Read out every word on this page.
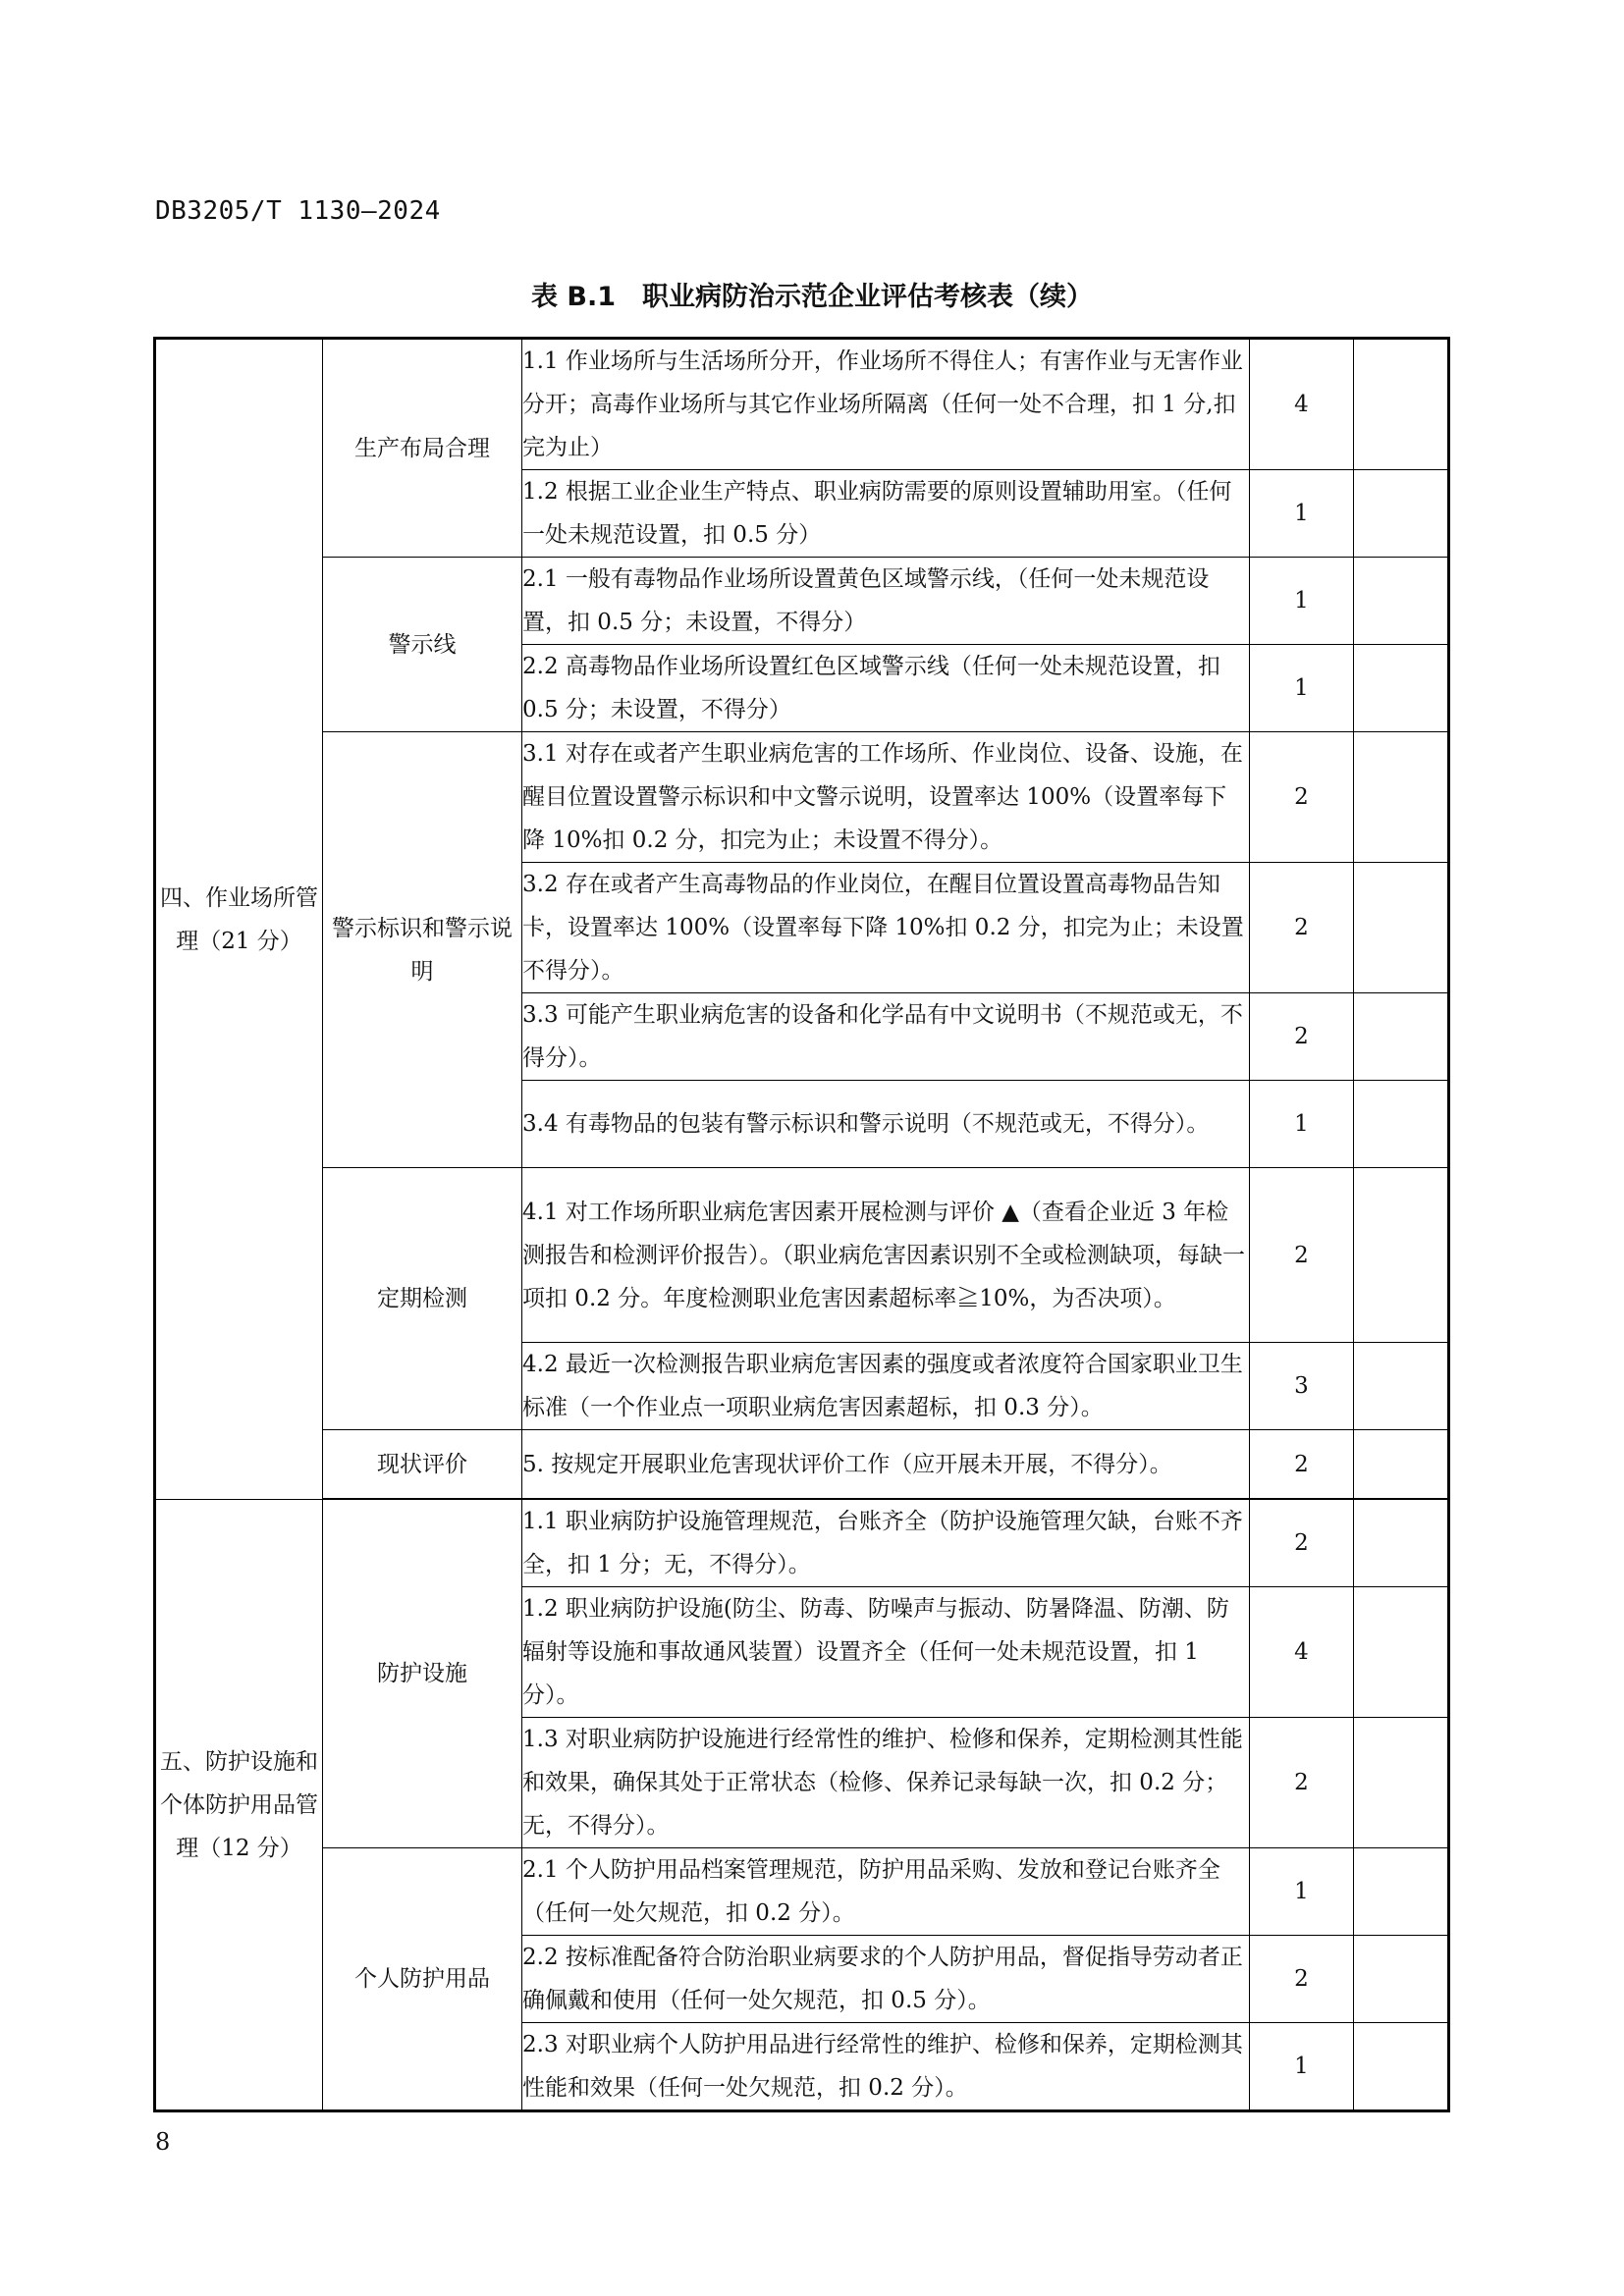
DB3205/T 1130—2024
表 B.1　职业病防治示范企业评估考核表（续）
四、作业场所管理（21 分）	生产布局合理	1.1 作业场所与生活场所分开，作业场所不得住人；有害作业与无害作业分开；高毒作业场所与其它作业场所隔离（任何一处不合理，扣 1 分,扣完为止）	4	
		1.2 根据工业企业生产特点、职业病防需要的原则设置辅助用室。（任何一处未规范设置，扣 0.5 分）	1	
	警示线	2.1 一般有毒物品作业场所设置黄色区域警示线，（任何一处未规范设置，扣 0.5 分；未设置，不得分）	1	
		2.2 高毒物品作业场所设置红色区域警示线（任何一处未规范设置，扣 0.5 分；未设置，不得分）	1	
	警示标识和警示说明	3.1 对存在或者产生职业病危害的工作场所、作业岗位、设备、设施，在醒目位置设置警示标识和中文警示说明，设置率达 100%（设置率每下降 10%扣 0.2 分，扣完为止；未设置不得分）。	2	
		3.2 存在或者产生高毒物品的作业岗位，在醒目位置设置高毒物品告知卡，设置率达 100%（设置率每下降 10%扣 0.2 分，扣完为止；未设置不得分）。	2	
		3.3 可能产生职业病危害的设备和化学品有中文说明书（不规范或无，不得分）。	2	
		3.4 有毒物品的包装有警示标识和警示说明（不规范或无，不得分）。	1	
	定期检测	4.1 对工作场所职业病危害因素开展检测与评价 ▲（查看企业近 3 年检测报告和检测评价报告）。（职业病危害因素识别不全或检测缺项，每缺一项扣 0.2 分。年度检测职业危害因素超标率≧10%，为否决项）。	2	
		4.2 最近一次检测报告职业病危害因素的强度或者浓度符合国家职业卫生标准（一个作业点一项职业病危害因素超标，扣 0.3 分）。	3	
	现状评价	5. 按规定开展职业危害现状评价工作（应开展未开展，不得分）。	2	

五、防护设施和个体防护用品管理（12 分）	防护设施	1.1 职业病防护设施管理规范，台账齐全（防护设施管理欠缺，台账不齐全，扣 1 分；无，不得分）。	2	
		1.2 职业病防护设施(防尘、防毒、防噪声与振动、防暑降温、防潮、防辐射等设施和事故通风装置）设置齐全（任何一处未规范设置，扣 1 分）。	4	
		1.3 对职业病防护设施进行经常性的维护、检修和保养，定期检测其性能和效果，确保其处于正常状态（检修、保养记录每缺一次，扣 0.2 分；无，不得分）。	2	
	个人防护用品	2.1 个人防护用品档案管理规范，防护用品采购、发放和登记台账齐全（任何一处欠规范，扣 0.2 分）。	1	
		2.2 按标准配备符合防治职业病要求的个人防护用品，督促指导劳动者正确佩戴和使用（任何一处欠规范，扣 0.5 分）。	2	
		2.3 对职业病个人防护用品进行经常性的维护、检修和保养，定期检测其性能和效果（任何一处欠规范，扣 0.2 分）。	1	
8
